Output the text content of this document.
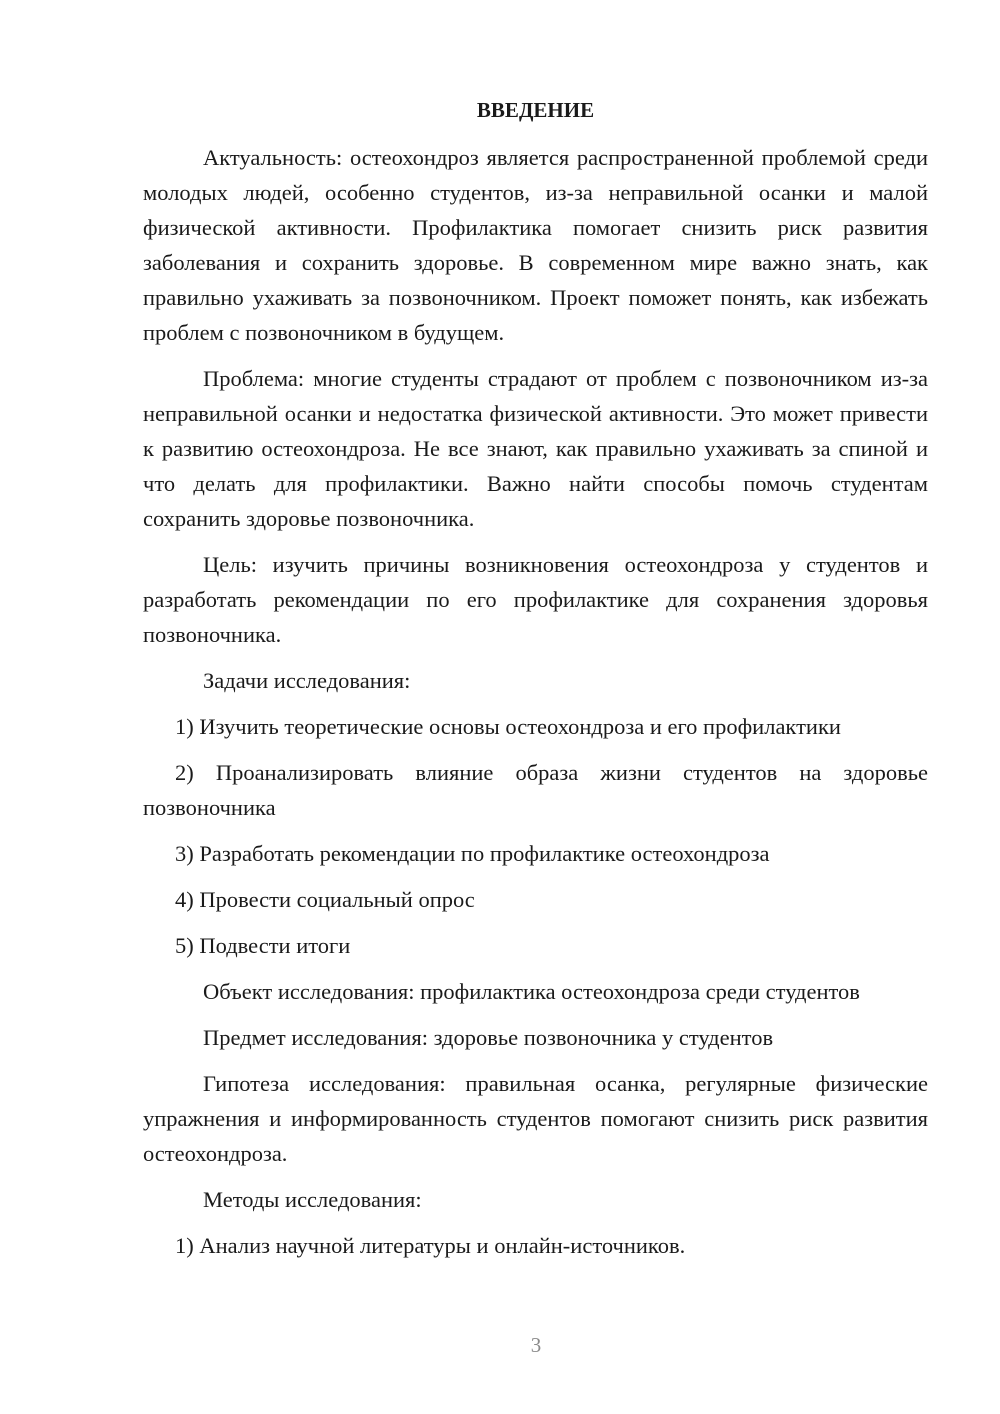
ВВЕДЕНИЕ
Актуальность: остеохондроз является распространенной проблемой среди молодых людей, особенно студентов, из-за неправильной осанки и малой физической активности. Профилактика помогает снизить риск развития заболевания и сохранить здоровье. В современном мире важно знать, как правильно ухаживать за позвоночником. Проект поможет понять, как избежать проблем с позвоночником в будущем.
Проблема: многие студенты страдают от проблем с позвоночником из-за неправильной осанки и недостатка физической активности. Это может привести к развитию остеохондроза. Не все знают, как правильно ухаживать за спиной и что делать для профилактики. Важно найти способы помочь студентам сохранить здоровье позвоночника.
Цель: изучить причины возникновения остеохондроза у студентов и разработать рекомендации по его профилактике для сохранения здоровья позвоночника.
Задачи исследования:
1) Изучить теоретические основы остеохондроза и его профилактики
2) Проанализировать влияние образа жизни студентов на здоровье позвоночника
3) Разработать рекомендации по профилактике остеохондроза
4) Провести социальный опрос
5) Подвести итоги
Объект исследования: профилактика остеохондроза среди студентов
Предмет исследования: здоровье позвоночника у студентов
Гипотеза исследования: правильная осанка, регулярные физические упражнения и информированность студентов помогают снизить риск развития остеохондроза.
Методы исследования:
1) Анализ научной литературы и онлайн-источников.
3
